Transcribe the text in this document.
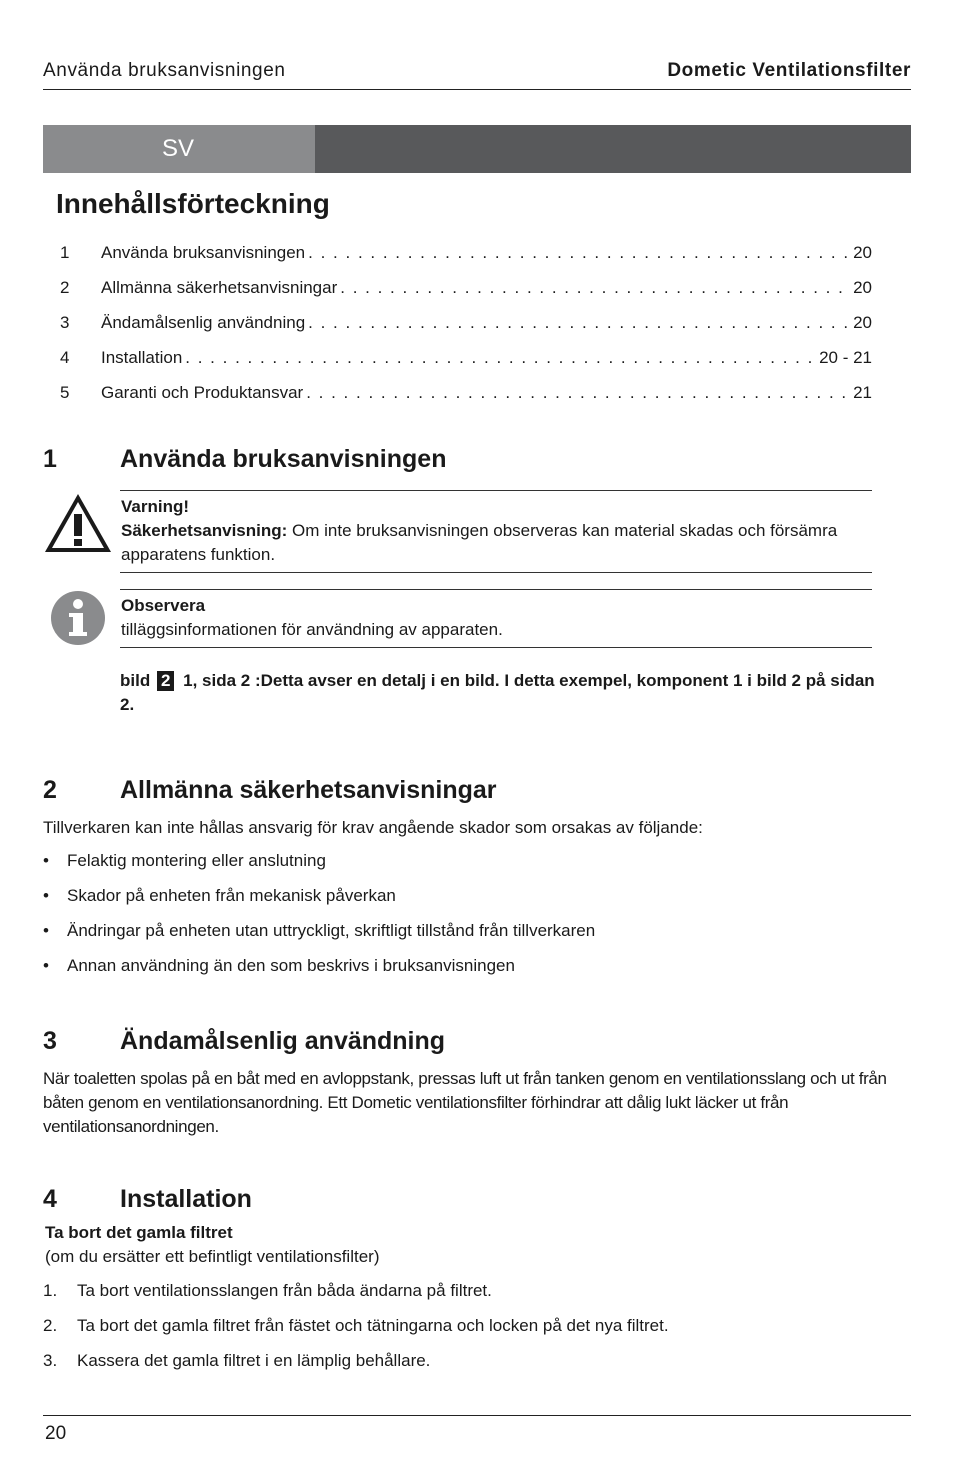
Använda bruksanvisningen	Dometic Ventilationsfilter
SV
Innehållsförteckning
1	Använda bruksanvisningen . . .	20
2	Allmänna säkerhetsanvisningar . . .	20
3	Ändamålsenlig användning . . .	20
4	Installation . . .	20 - 21
5	Garanti och Produktansvar . . .	21
1	Använda bruksanvisningen
Varning!
Säkerhetsanvisning: Om inte bruksanvisningen observeras kan material skadas och försämra apparatens funktion.
Observera
tilläggsinformationen för användning av apparaten.
bild 2 1, sida 2 :Detta avser en detalj i en bild. I detta exempel, komponent 1 i bild 2 på sidan 2.
2	Allmänna säkerhetsanvisningar
Tillverkaren kan inte hållas ansvarig för krav angående skador som orsakas av följande:
• Felaktig montering eller anslutning
• Skador på enheten från mekanisk påverkan
• Ändringar på enheten utan uttryckligt, skriftligt tillstånd från tillverkaren
• Annan användning än den som beskrivs i bruksanvisningen
3	Ändamålsenlig användning
När toaletten spolas på en båt med en avloppstank, pressas luft ut från tanken genom en ventilationsslang och ut från båten genom en ventilationsanordning. Ett Dometic ventilationsfilter förhindrar att dålig lukt läcker ut från ventilationsanordningen.
4	Installation
Ta bort det gamla filtret
(om du ersätter ett befintligt ventilationsfilter)
1. Ta bort ventilationsslangen från båda ändarna på filtret.
2. Ta bort det gamla filtret från fästet och tätningarna och locken på det nya filtret.
3. Kassera det gamla filtret i en lämplig behållare.
20
